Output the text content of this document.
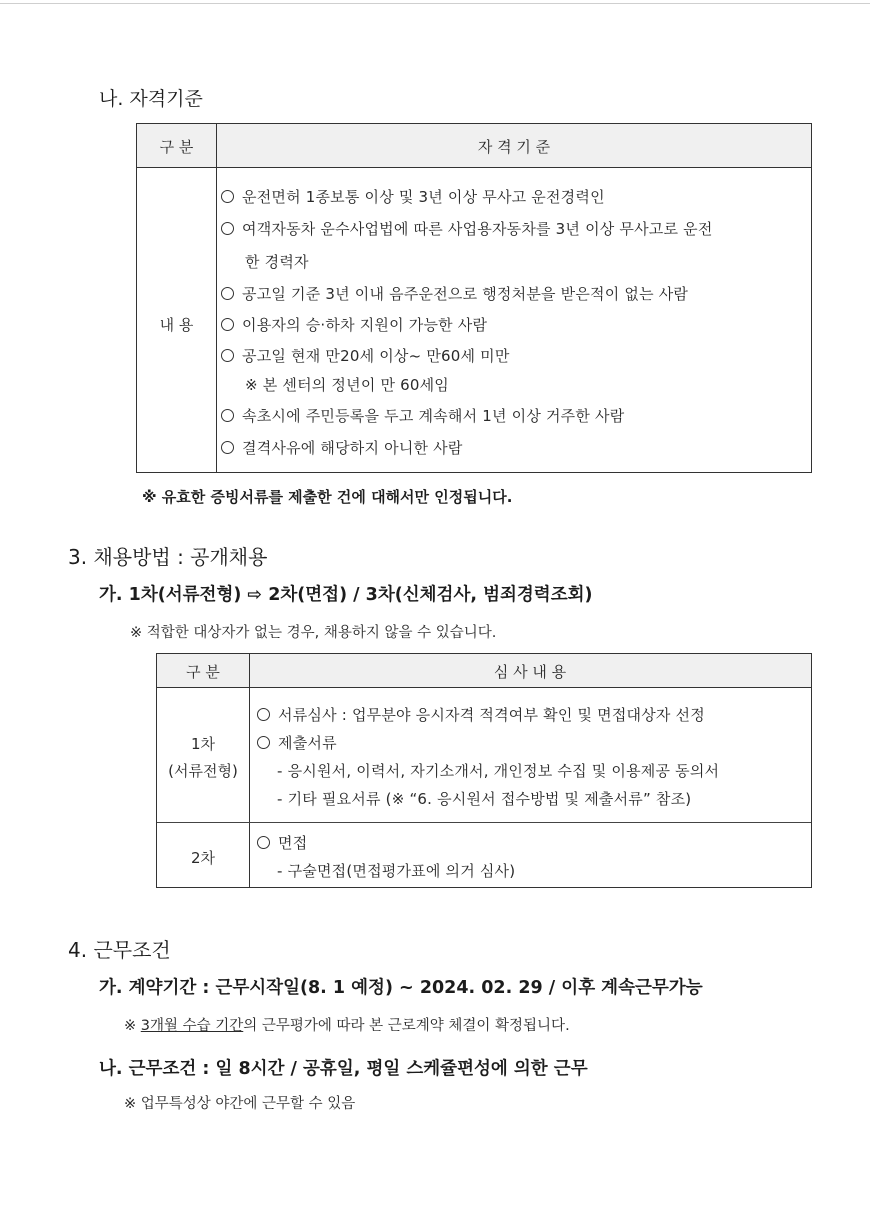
나. 자격기준
구 분	자 격 기 준
내 용
운전면허 1종보통 이상 및 3년 이상 무사고 운전경력인
여객자동차 운수사업법에 따른 사업용자동차를 3년 이상 무사고로 운전
한 경력자
공고일 기준 3년 이내 음주운전으로 행정처분을 받은적이 없는 사람
이용자의 승·하차 지원이 가능한 사람
공고일 현재 만20세 이상~ 만60세 미만
※ 본 센터의 정년이 만 60세임
속초시에 주민등록을 두고 계속해서 1년 이상 거주한 사람
결격사유에 해당하지 아니한 사람
※ 유효한 증빙서류를 제출한 건에 대해서만 인정됩니다.
3. 채용방법 : 공개채용
가. 1차(서류전형) ⇨ 2차(면접) / 3차(신체검사, 범죄경력조회)
※ 적합한 대상자가 없는 경우, 채용하지 않을 수 있습니다.
구 분	심 사 내 용
1차
(서류전형)
서류심사 : 업무분야 응시자격 적격여부 확인 및 면접대상자 선정
제출서류
- 응시원서, 이력서, 자기소개서, 개인정보 수집 및 이용제공 동의서
- 기타 필요서류 (※ “6. 응시원서 접수방법 및 제출서류” 참조)
2차
면접
- 구술면접(면접평가표에 의거 심사)
4. 근무조건
가. 계약기간 : 근무시작일(8. 1 예정) ~ 2024. 02. 29 / 이후 계속근무가능
※ 3개월 수습 기간의 근무평가에 따라 본 근로계약 체결이 확정됩니다.
나. 근무조건 : 일 8시간 / 공휴일, 평일 스케쥴편성에 의한 근무
※ 업무특성상 야간에 근무할 수 있음
